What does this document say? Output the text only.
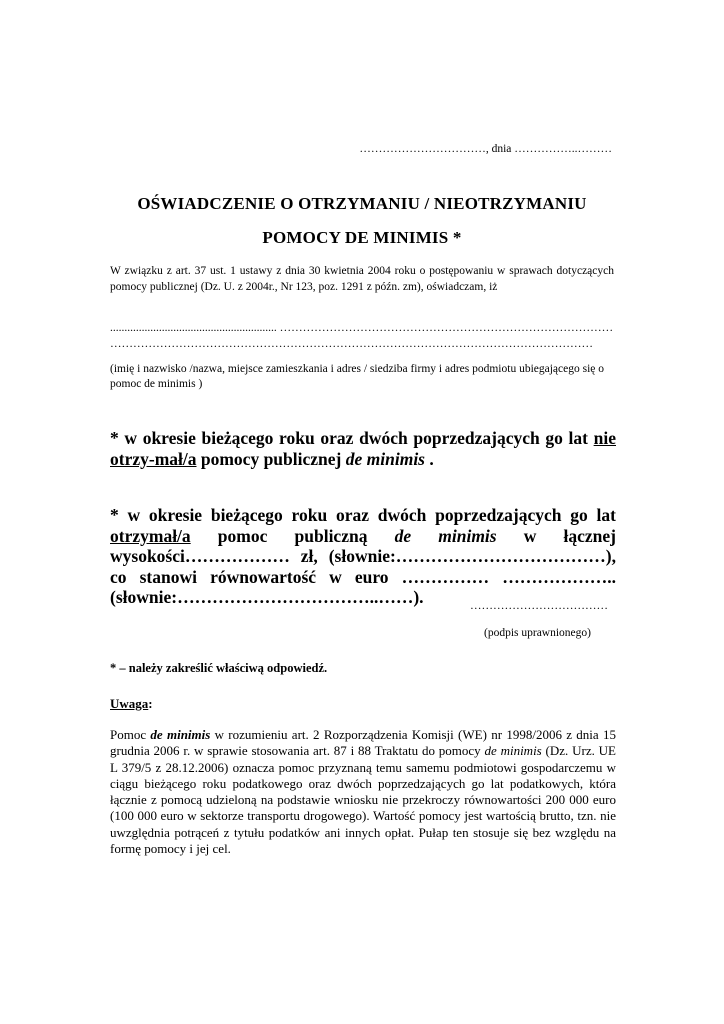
……………………………, dnia ……………..………
OŚWIADCZENIE O OTRZYMANIU / NIEOTRZYMANIU
POMOCY DE MINIMIS *
W związku z art. 37 ust. 1 ustawy z dnia 30 kwietnia 2004 roku o postępowaniu w sprawach dotyczących pomocy publicznej (Dz. U. z 2004r., Nr 123, poz. 1291 z późn. zm), oświadczam, iż
.......................................................... ……………………………………………………………………………
………………………………………………………………………………………………………………
(imię i nazwisko /nazwa, miejsce zamieszkania i adres / siedziba firmy i adres podmiotu ubiegającego się o pomoc de minimis )
* w okresie bieżącego roku oraz dwóch poprzedzających go lat nie otrzy-mał/a pomocy publicznej de minimis .
* w okresie bieżącego roku oraz dwóch poprzedzających go lat otrzymał/a pomoc publiczną de minimis w łącznej wysokości……………… zł, (słownie:………………………………), co stanowi równowartość w euro …………… ………………..(słownie:……………………………..……).	………………………………
(podpis uprawnionego)
* – należy zakreślić właściwą odpowiedź.
Uwaga:
Pomoc de minimis w rozumieniu art. 2 Rozporządzenia Komisji (WE) nr 1998/2006 z dnia 15 grudnia 2006 r. w sprawie stosowania art. 87 i 88 Traktatu do pomocy de minimis (Dz. Urz. UE L 379/5 z 28.12.2006) oznacza pomoc przyznaną temu samemu podmiotowi gospodarczemu w ciągu bieżącego roku podatkowego oraz dwóch poprzedzających go lat podatkowych, która łącznie z pomocą udzieloną na podstawie wniosku nie przekroczy równowartości 200 000 euro (100 000 euro w sektorze transportu drogowego). Wartość pomocy jest wartością brutto, tzn. nie uwzględnia potrąceń z tytułu podatków ani innych opłat. Pułap ten stosuje się bez względu na formę pomocy i jej cel.
